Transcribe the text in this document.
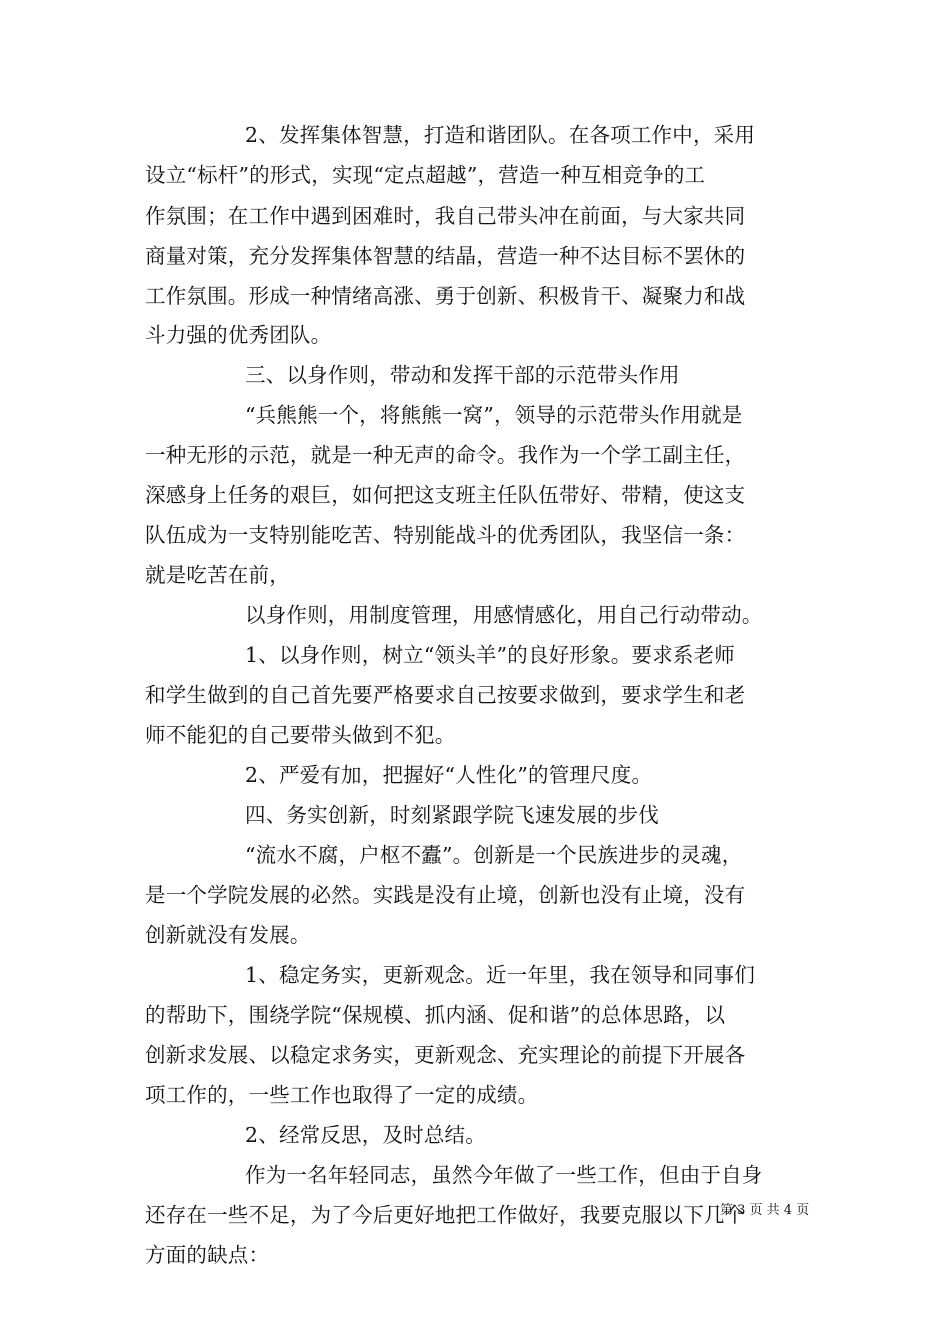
2、发挥集体智慧，打造和谐团队。在各项工作中，采用
设立“标杆”的形式，实现“定点超越”，营造一种互相竞争的工
作氛围；在工作中遇到困难时，我自己带头冲在前面，与大家共同
商量对策，充分发挥集体智慧的结晶，营造一种不达目标不罢休的
工作氛围。形成一种情绪高涨、勇于创新、积极肯干、凝聚力和战
斗力强的优秀团队。
三、以身作则，带动和发挥干部的示范带头作用
“兵熊熊一个，将熊熊一窝”，领导的示范带头作用就是
一种无形的示范，就是一种无声的命令。我作为一个学工副主任，
深感身上任务的艰巨，如何把这支班主任队伍带好、带精，使这支
队伍成为一支特别能吃苦、特别能战斗的优秀团队，我坚信一条：
就是吃苦在前，
以身作则，用制度管理，用感情感化，用自己行动带动。
1、以身作则，树立“领头羊”的良好形象。要求系老师
和学生做到的自己首先要严格要求自己按要求做到，要求学生和老
师不能犯的自己要带头做到不犯。
2、严爱有加，把握好“人性化”的管理尺度。
四、务实创新，时刻紧跟学院飞速发展的步伐
“流水不腐，户枢不蠹”。创新是一个民族进步的灵魂，
是一个学院发展的必然。实践是没有止境，创新也没有止境，没有
创新就没有发展。
1、稳定务实，更新观念。近一年里，我在领导和同事们
的帮助下，围绕学院“保规模、抓内涵、促和谐”的总体思路，以
创新求发展、以稳定求务实，更新观念、充实理论的前提下开展各
项工作的，一些工作也取得了一定的成绩。
2、经常反思，及时总结。
作为一名年轻同志，虽然今年做了一些工作，但由于自身
还存在一些不足，为了今后更好地把工作做好，我要克服以下几个
方面的缺点：
第 3 页 共 4 页
